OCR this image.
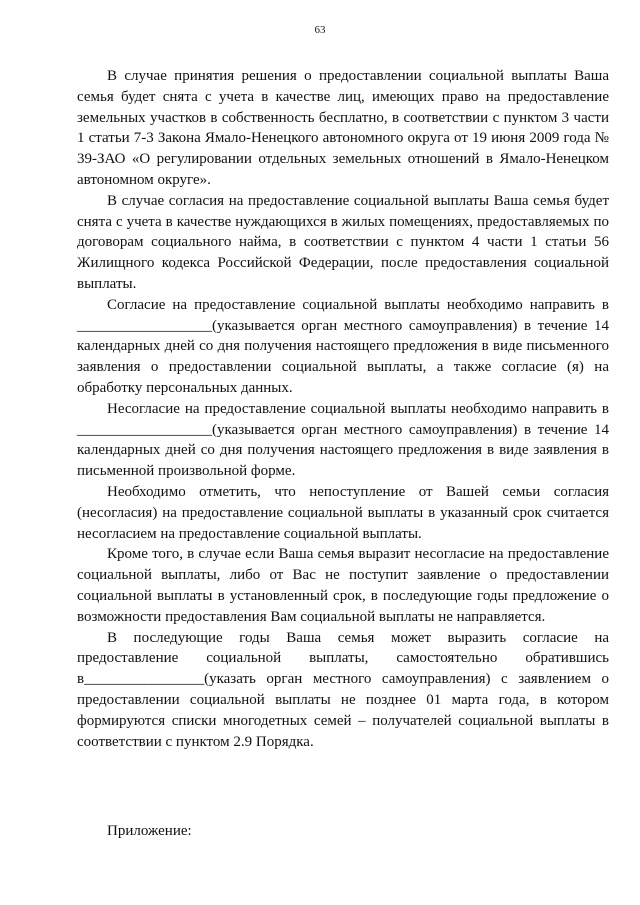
63

В случае принятия решения о предоставлении социальной выплаты Ваша семья будет снята с учета в качестве лиц, имеющих право на предоставление земельных участков в собственность бесплатно, в соответствии с пунктом 3 части 1 статьи 7-3 Закона Ямало-Ненецкого автономного округа от 19 июня 2009 года № 39-ЗАО «О регулировании отдельных земельных отношений в Ямало-Ненецком автономном округе».

В случае согласия на предоставление социальной выплаты Ваша семья будет снята с учета в качестве нуждающихся в жилых помещениях, предоставляемых по договорам социального найма, в соответствии с пунктом 4 части 1 статьи 56 Жилищного кодекса Российской Федерации, после предоставления социальной выплаты.

Согласие на предоставление социальной выплаты необходимо направить в __________________(указывается орган местного самоуправления) в течение 14 календарных дней со дня получения настоящего предложения в виде письменного заявления о предоставлении социальной выплаты, а также согласие (я) на обработку персональных данных.

Несогласие на предоставление социальной выплаты необходимо направить в __________________(указывается орган местного самоуправления) в течение 14 календарных дней со дня получения настоящего предложения в виде заявления в письменной произвольной форме.

Необходимо отметить, что непоступление от Вашей семьи согласия (несогласия) на предоставление социальной выплаты в указанный срок считается несогласием на предоставление социальной выплаты.

Кроме того, в случае если Ваша семья выразит несогласие на предоставление социальной выплаты, либо от Вас не поступит заявление о предоставлении социальной выплаты в установленный срок, в последующие годы предложение о возможности предоставления Вам социальной выплаты не направляется.

В последующие годы Ваша семья может выразить согласие на предоставление социальной выплаты, самостоятельно обратившись в________________(указать орган местного самоуправления) с заявлением о предоставлении социальной выплаты не позднее 01 марта года, в котором формируются списки многодетных семей – получателей социальной выплаты в соответствии с пунктом 2.9 Порядка.

Приложение:
